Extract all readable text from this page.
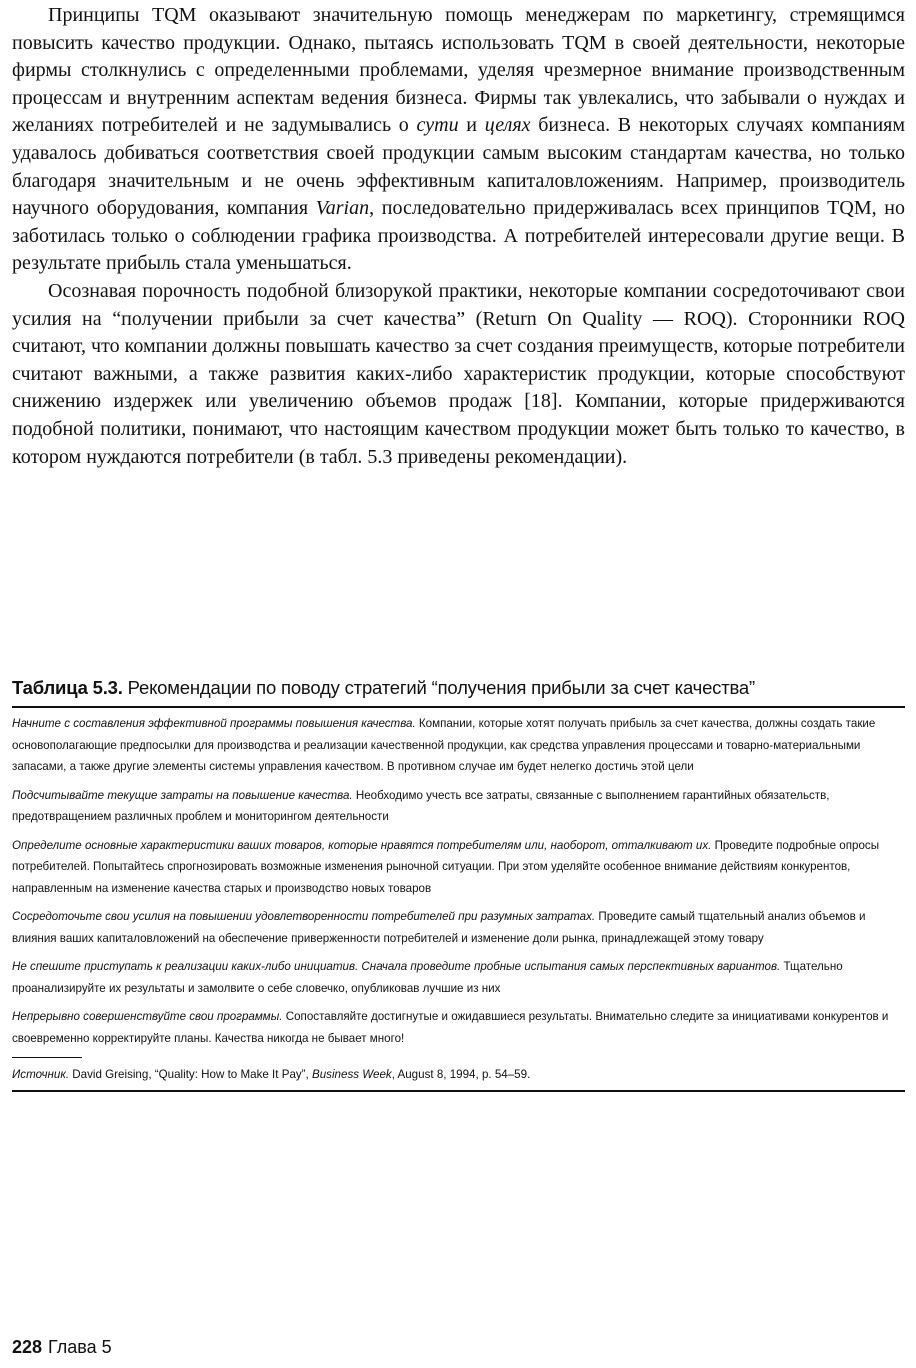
Принципы TQM оказывают значительную помощь менеджерам по маркетингу, стремящимся повысить качество продукции. Однако, пытаясь использовать TQM в своей деятельности, некоторые фирмы столкнулись с определенными проблемами, уделяя чрезмерное внимание производственным процессам и внутренним аспектам ведения бизнеса. Фирмы так увлекались, что забывали о нуждах и желаниях потребителей и не задумывались о сути и целях бизнеса. В некоторых случаях компаниям удавалось добиваться соответствия своей продукции самым высоким стандартам качества, но только благодаря значительным и не очень эффективным капиталовложениям. Например, производитель научного оборудования, компания Varian, последовательно придерживалась всех принципов TQM, но заботилась только о соблюдении графика производства. А потребителей интересовали другие вещи. В результате прибыль стала уменьшаться.

Осознавая порочность подобной близорукой практики, некоторые компании сосредоточивают свои усилия на “получении прибыли за счет качества” (Return On Quality — ROQ). Сторонники ROQ считают, что компании должны повышать качество за счет создания преимуществ, которые потребители считают важными, а также развития каких-либо характеристик продукции, которые способствуют снижению издержек или увеличению объемов продаж [18]. Компании, которые придерживаются подобной политики, понимают, что настоящим качеством продукции может быть только то качество, в котором нуждаются потребители (в табл. 5.3 приведены рекомендации).

Таблица 5.3. Рекомендации по поводу стратегий “получения прибыли за счет качества”
Начните с составления эффективной программы повышения качества. Компании, которые хотят получать прибыль за счет качества, должны создать такие основополагающие предпосылки для производства и реализации качественной продукции, как средства управления процессами и товарно-материальными запасами, а также другие элементы системы управления качеством. В противном случае им будет нелегко достичь этой цели
Подсчитывайте текущие затраты на повышение качества. Необходимо учесть все затраты, связанные с выполнением гарантийных обязательств, предотвращением различных проблем и мониторингом деятельности
Определите основные характеристики ваших товаров, которые нравятся потребителям или, наоборот, отталкивают их. Проведите подробные опросы потребителей. Попытайтесь спрогнозировать возможные изменения рыночной ситуации. При этом уделяйте особенное внимание действиям конкурентов, направленным на изменение качества старых и производство новых товаров
Сосредоточьте свои усилия на повышении удовлетворенности потребителей при разумных затратах. Проведите самый тщательный анализ объемов и влияния ваших капиталовложений на обеспечение приверженности потребителей и изменение доли рынка, принадлежащей этому товару
Не спешите приступать к реализации каких-либо инициатив. Сначала проведите пробные испытания самых перспективных вариантов. Тщательно проанализируйте их результаты и замолвите о себе словечко, опубликовав лучшие из них
Непрерывно совершенствуйте свои программы. Сопоставляйте достигнутые и ожидавшиеся результаты. Внимательно следите за инициативами конкурентов и своевременно корректируйте планы. Качества никогда не бывает много!
Источник. David Greising, “Quality: How to Make It Pay”, Business Week, August 8, 1994, p. 54–59.
228 Глава 5
